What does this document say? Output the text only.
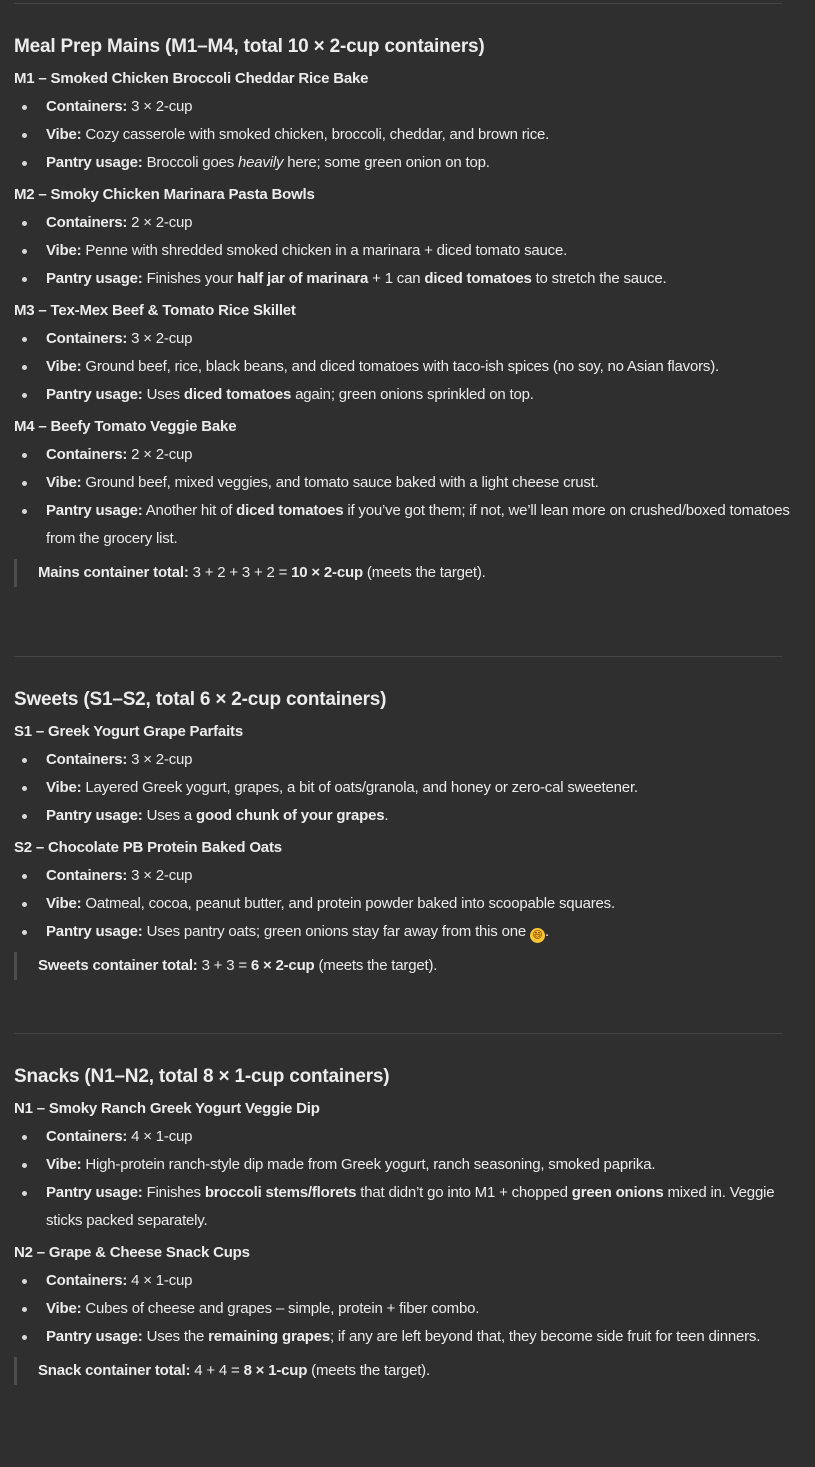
Meal Prep Mains (M1–M4, total 10 × 2-cup containers)
M1 – Smoked Chicken Broccoli Cheddar Rice Bake
Containers: 3 × 2-cup
Vibe: Cozy casserole with smoked chicken, broccoli, cheddar, and brown rice.
Pantry usage: Broccoli goes heavily here; some green onion on top.
M2 – Smoky Chicken Marinara Pasta Bowls
Containers: 2 × 2-cup
Vibe: Penne with shredded smoked chicken in a marinara + diced tomato sauce.
Pantry usage: Finishes your half jar of marinara + 1 can diced tomatoes to stretch the sauce.
M3 – Tex-Mex Beef & Tomato Rice Skillet
Containers: 3 × 2-cup
Vibe: Ground beef, rice, black beans, and diced tomatoes with taco-ish spices (no soy, no Asian flavors).
Pantry usage: Uses diced tomatoes again; green onions sprinkled on top.
M4 – Beefy Tomato Veggie Bake
Containers: 2 × 2-cup
Vibe: Ground beef, mixed veggies, and tomato sauce baked with a light cheese crust.
Pantry usage: Another hit of diced tomatoes if you’ve got them; if not, we’ll lean more on crushed/boxed tomatoes from the grocery list.
Mains container total: 3 + 2 + 3 + 2 = 10 × 2-cup (meets the target).
Sweets (S1–S2, total 6 × 2-cup containers)
S1 – Greek Yogurt Grape Parfaits
Containers: 3 × 2-cup
Vibe: Layered Greek yogurt, grapes, a bit of oats/granola, and honey or zero-cal sweetener.
Pantry usage: Uses a good chunk of your grapes.
S2 – Chocolate PB Protein Baked Oats
Containers: 3 × 2-cup
Vibe: Oatmeal, cocoa, peanut butter, and protein powder baked into scoopable squares.
Pantry usage: Uses pantry oats; green onions stay far away from this one 😄 .
Sweets container total: 3 + 3 = 6 × 2-cup (meets the target).
Snacks (N1–N2, total 8 × 1-cup containers)
N1 – Smoky Ranch Greek Yogurt Veggie Dip
Containers: 4 × 1-cup
Vibe: High-protein ranch-style dip made from Greek yogurt, ranch seasoning, smoked paprika.
Pantry usage: Finishes broccoli stems/florets that didn’t go into M1 + chopped green onions mixed in. Veggie sticks packed separately.
N2 – Grape & Cheese Snack Cups
Containers: 4 × 1-cup
Vibe: Cubes of cheese and grapes – simple, protein + fiber combo.
Pantry usage: Uses the remaining grapes; if any are left beyond that, they become side fruit for teen dinners.
Snack container total: 4 + 4 = 8 × 1-cup (meets the target).
